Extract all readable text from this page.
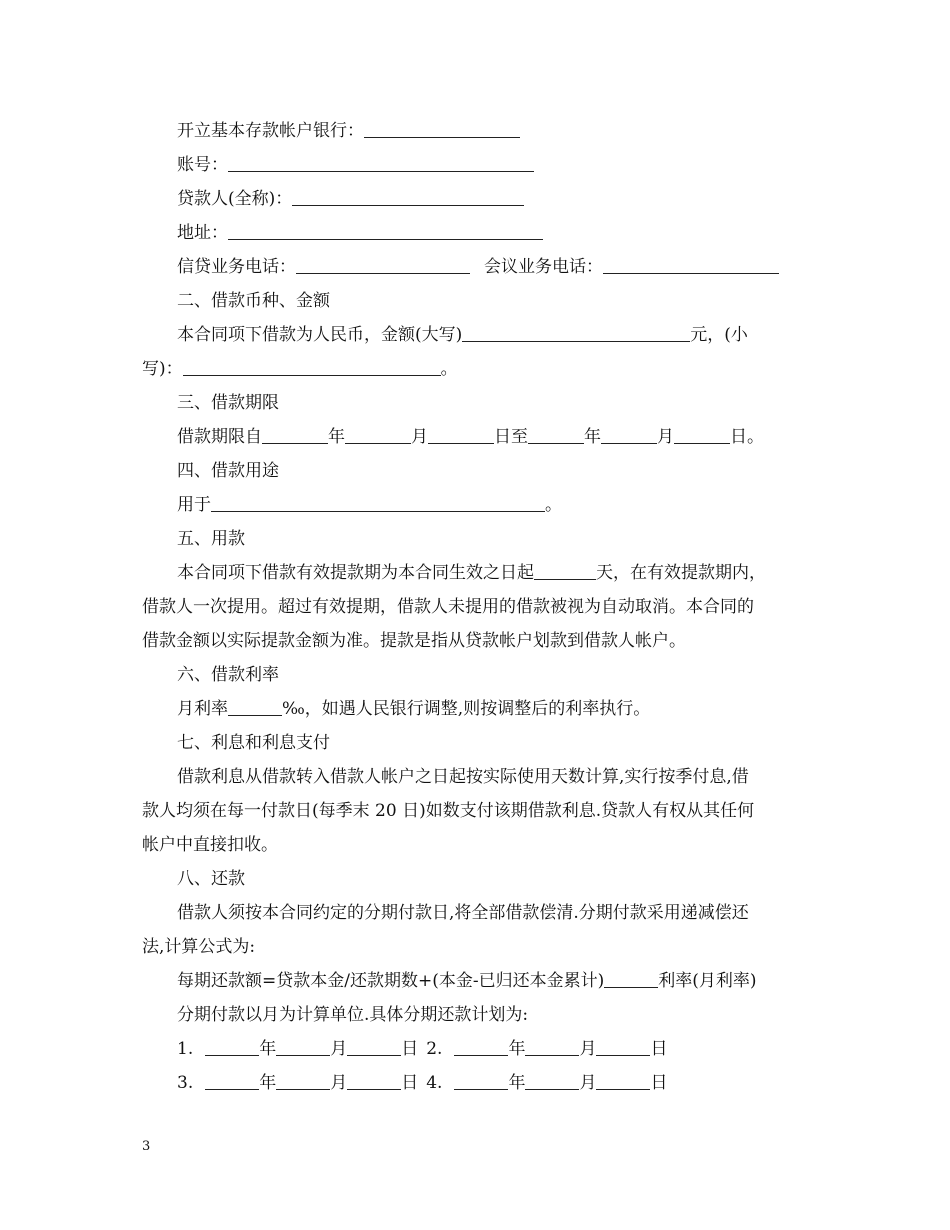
开立基本存款帐户银行：
账号：
贷款人(全称)：
地址：
信贷业务电话：	会议业务电话：
二、借款币种、金额
本合同项下借款为人民币，金额(大写)	元，(小
写)：	。
三、借款期限
借款期限自	年	月	日至	年	月	日。
四、借款用途
用于	。
五、用款
本合同项下借款有效提款期为本合同生效之日起	天，在有效提款期内，
借款人一次提用。超过有效提期，借款人未提用的借款被视为自动取消。本合同的
借款金额以实际提款金额为准。提款是指从贷款帐户划款到借款人帐户。
六、借款利率
月利率	‰，如遇人民银行调整,则按调整后的利率执行。
七、利息和利息支付
借款利息从借款转入借款人帐户之日起按实际使用天数计算,实行按季付息,借
款人均须在每一付款日(每季末 20 日)如数支付该期借款利息.贷款人有权从其任何
帐户中直接扣收。
八、还款
借款人须按本合同约定的分期付款日,将全部借款偿清.分期付款采用递减偿还
法,计算公式为:
每期还款额=贷款本金/还款期数+(本金-已归还本金累计)	利率(月利率)
分期付款以月为计算单位.具体分期还款计划为:
1.	年	月	日 2.	年	月	日
3.	年	月	日 4.	年	月	日
3
